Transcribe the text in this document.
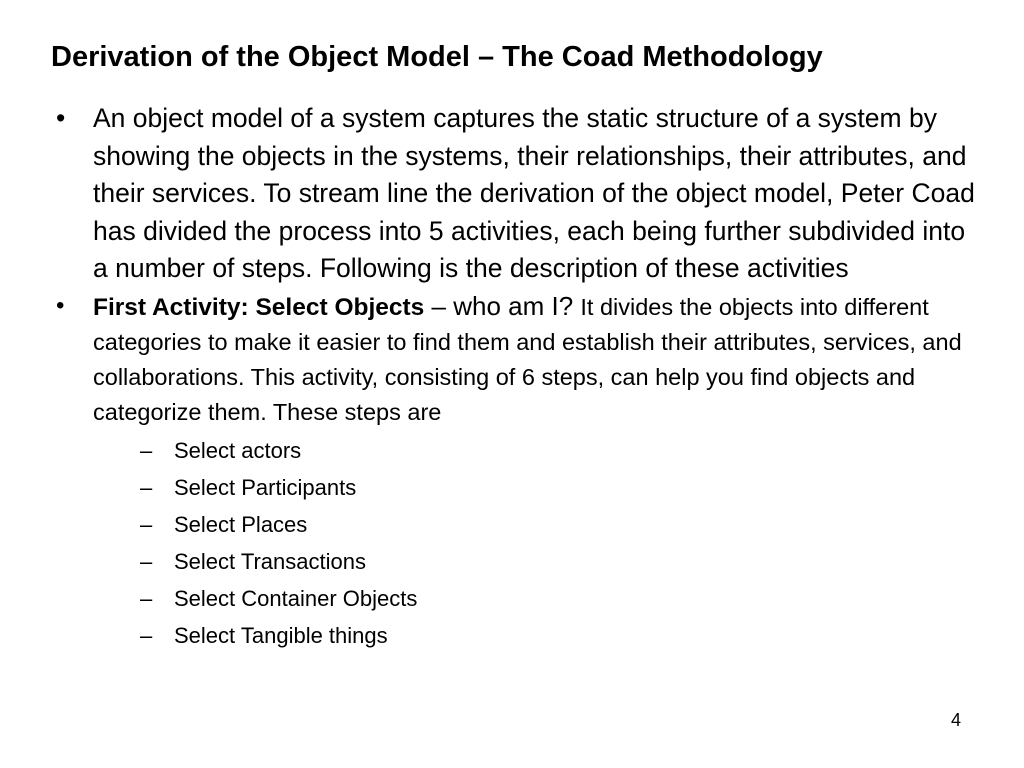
Derivation of the Object Model – The Coad Methodology
• An object model of a system captures the static structure of a system by showing the objects in the systems, their relationships, their attributes, and their services. To stream line the derivation of the object model, Peter Coad has divided the process into 5 activities, each being further subdivided into a number of steps. Following is the description of these activities
• First Activity: Select Objects – who am I? It divides the objects into different categories to make it easier to find them and establish their attributes, services, and collaborations. This activity, consisting of 6 steps, can help you find objects and categorize them. These steps are
– Select actors
– Select Participants
– Select Places
– Select Transactions
– Select Container Objects
– Select Tangible things
4
